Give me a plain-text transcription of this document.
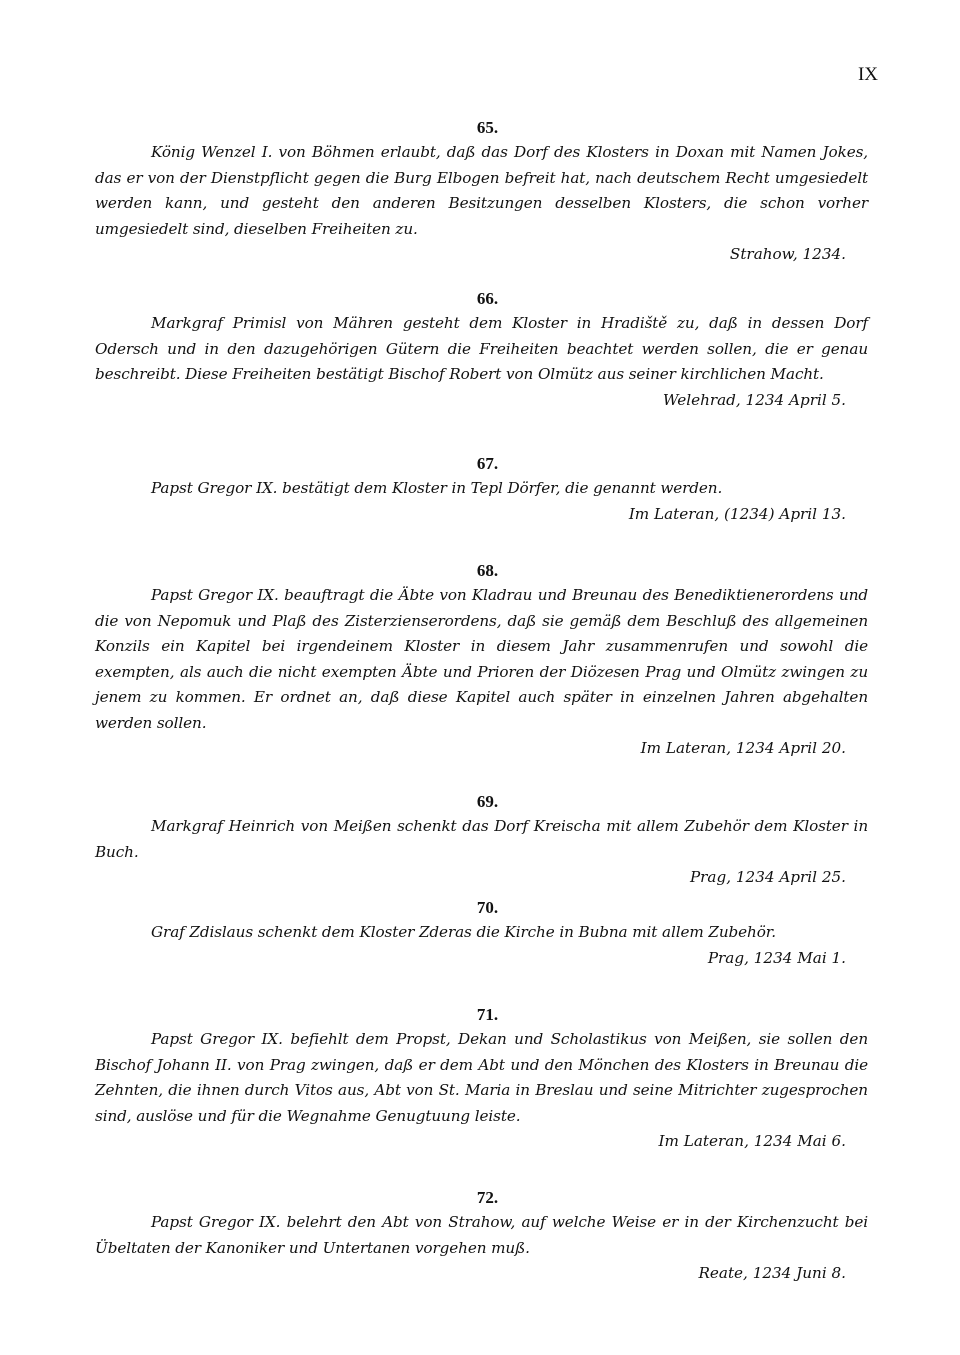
IX
65.

König Wenzel I. von Böhmen erlaubt, daß das Dorf des Klosters in Doxan mit Namen Jokes, das er von der Dienstpflicht gegen die Burg Elbogen befreit hat, nach deutschem Recht umgesiedelt werden kann, und gesteht den anderen Besitzungen desselben Klosters, die schon vorher umgesiedelt sind, dieselben Freiheiten zu.

Strahow, 1234.
66.

Markgraf Primisl von Mähren gesteht dem Kloster in Hradiště zu, daß in dessen Dorf Odersch und in den dazugehörigen Gütern die Freiheiten beachtet werden sollen, die er genau beschreibt. Diese Freiheiten bestätigt Bischof Robert von Olmütz aus seiner kirchlichen Macht.

Welehrad, 1234 April 5.
67.

Papst Gregor IX. bestätigt dem Kloster in Tepl Dörfer, die genannt werden.

Im Lateran, (1234) April 13.
68.

Papst Gregor IX. beauftragt die Äbte von Kladrau und Breunau des Benediktienerordens und die von Nepomuk und Plaß des Zisterzienserordens, daß sie gemäß dem Beschluß des allgemeinen Konzils ein Kapitel bei irgendeinem Kloster in diesem Jahr zusammenrufen und sowohl die exempten, als auch die nicht exempten Äbte und Prioren der Diözesen Prag und Olmütz zwingen zu jenem zu kommen. Er ordnet an, daß diese Kapitel auch später in einzelnen Jahren abgehalten werden sollen.

Im Lateran, 1234 April 20.
69.

Markgraf Heinrich von Meißen schenkt das Dorf Kreischa mit allem Zubehör dem Kloster in Buch.

Prag, 1234 April 25.
70.

Graf Zdislaus schenkt dem Kloster Zderas die Kirche in Bubna mit allem Zubehör.

Prag, 1234 Mai 1.
71.

Papst Gregor IX. befiehlt dem Propst, Dekan und Scholastikus von Meißen, sie sollen den Bischof Johann II. von Prag zwingen, daß er dem Abt und den Mönchen des Klosters in Breunau die Zehnten, die ihnen durch Vitos aus, Abt von St. Maria in Breslau und seine Mitrichter zugesprochen sind, auslöse und für die Wegnahme Genugtuung leiste.

Im Lateran, 1234 Mai 6.
72.

Papst Gregor IX. belehrt den Abt von Strahow, auf welche Weise er in der Kirchenzucht bei Übeltaten der Kanoniker und Untertanen vorgehen muß.

Reate, 1234 Juni 8.
